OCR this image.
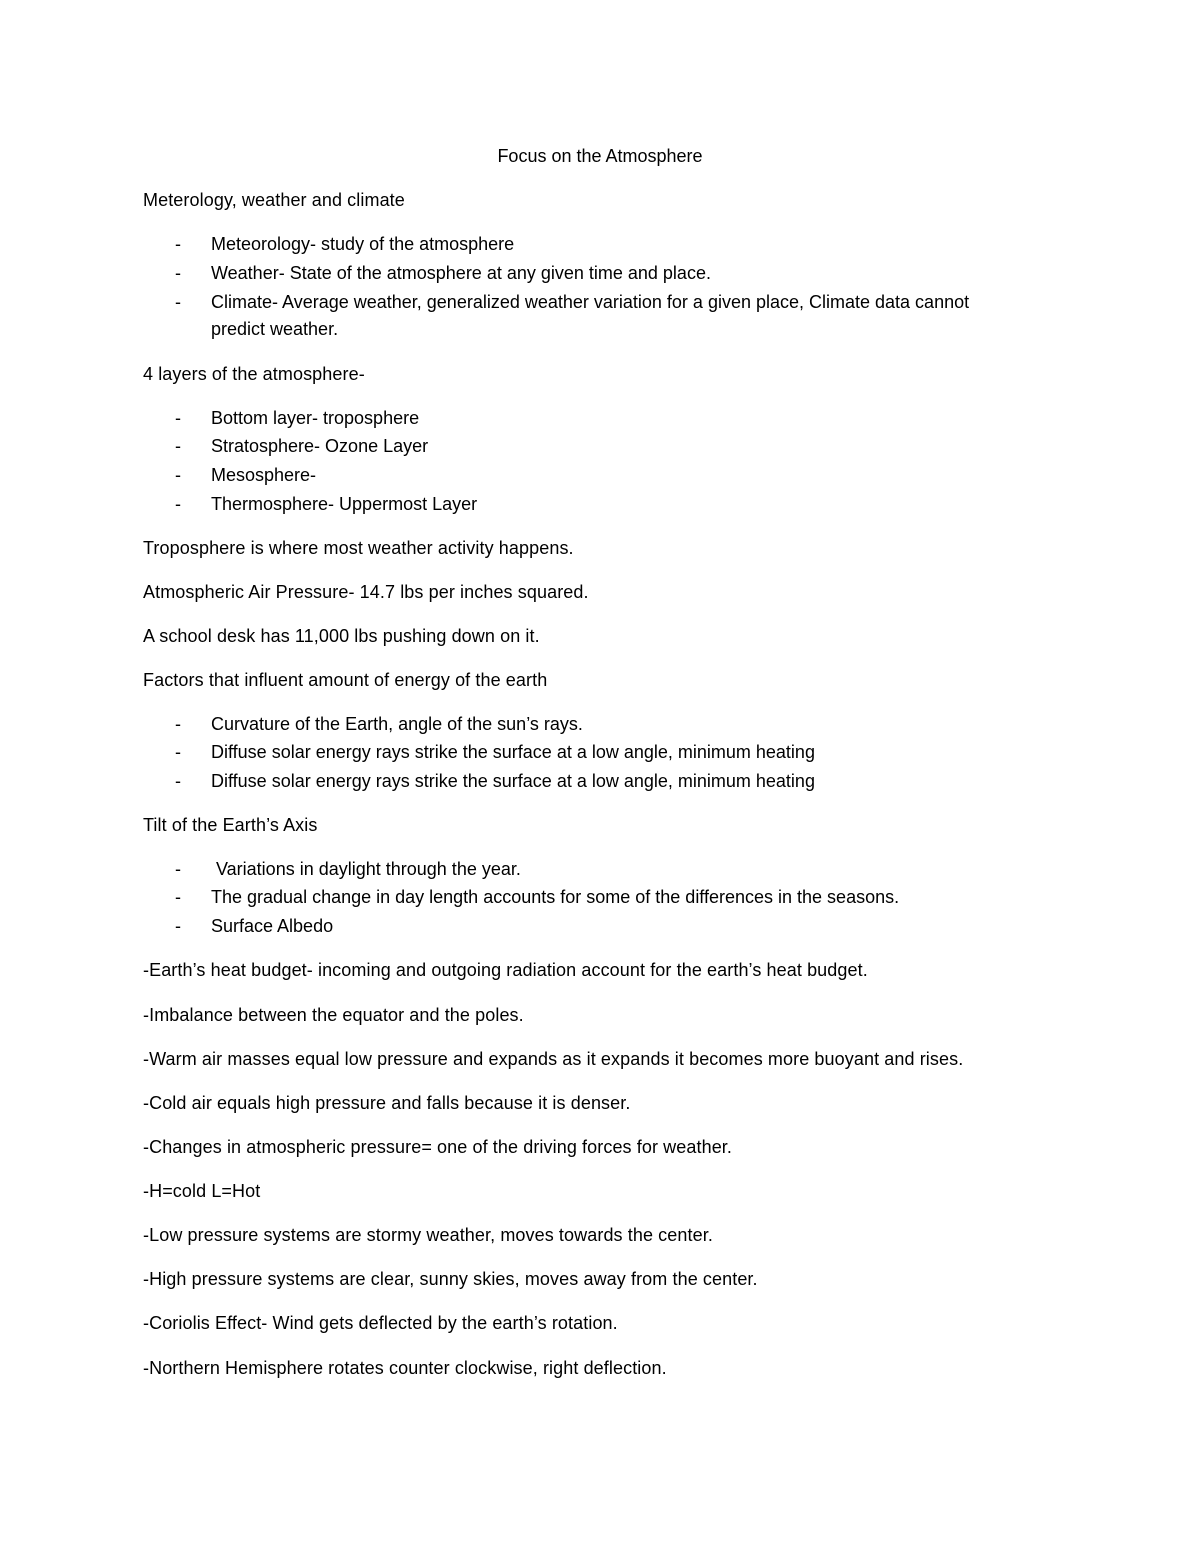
Focus on the Atmosphere
Meterology, weather and climate
- Meteorology- study of the atmosphere
- Weather- State of the atmosphere at any given time and place.
- Climate- Average weather, generalized weather variation for a given place, Climate data cannot
predict weather.
4 layers of the atmosphere-
- Bottom layer- troposphere
- Stratosphere- Ozone Layer
- Mesosphere-
- Thermosphere- Uppermost Layer
Troposphere is where most weather activity happens.
Atmospheric Air Pressure- 14.7 lbs per inches squared.
A school desk has 11,000 lbs pushing down on it.
Factors that influent amount of energy of the earth
- Curvature of the Earth, angle of the sun’s rays.
- Diffuse solar energy rays strike the surface at a low angle, minimum heating
- Diffuse solar energy rays strike the surface at a low angle, minimum heating
Tilt of the Earth’s Axis
- Variations in daylight through the year.
- The gradual change in day length accounts for some of the differences in the seasons.
- Surface Albedo
-Earth’s heat budget- incoming and outgoing radiation account for the earth’s heat budget.
-Imbalance between the equator and the poles.
-Warm air masses equal low pressure and expands as it expands it becomes more buoyant and rises.
-Cold air equals high pressure and falls because it is denser.
-Changes in atmospheric pressure= one of the driving forces for weather.
-H=cold L=Hot
-Low pressure systems are stormy weather, moves towards the center.
-High pressure systems are clear, sunny skies, moves away from the center.
-Coriolis Effect- Wind gets deflected by the earth’s rotation.
-Northern Hemisphere rotates counter clockwise, right deflection.
